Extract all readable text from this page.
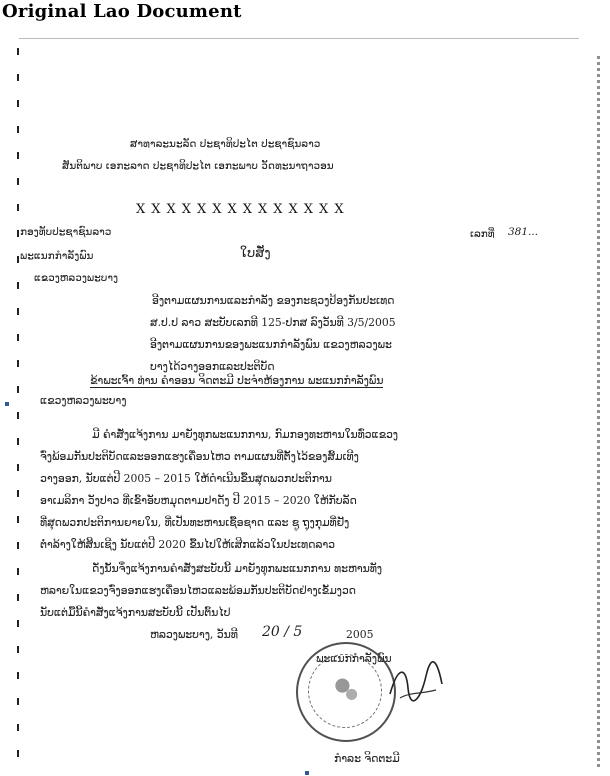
Original Lao Document
ສາທາລະນະລັດ ປະຊາທິປະໄຕ ປະຊາຊົນລາວ
ສັນຕິພາບ ເອກະລາດ ປະຊາທິປະໄຕ ເອກະພາບ ວັດທະນາຖາວອນ
XXXXXXXXXXXXXX
ກອງທັບປະຊາຊົນລາວ
ພະແນກກຳລັງພົນ
ແຂວງຫລວງພະບາງ
ເລກທີ່ 381...
ໃບສັ່ງ
ອີງຕາມແຜນການແລະກຳລັງ ຂອງກະຊວງປ້ອງກັນປະເທດ
ສ.ປ.ປ ລາວ ສະບັບເລກທີ 125-ປກສ ລົງວັນທີ 3/5/2005
ອີງຕາມແຜນການຂອງພະແນກກຳລັງພົນ ແຂວງຫລວງພະ
ບາງໄດ້ວາງອອກແລະປະຕິບັດ
ຂ້າພະເຈົ້າ ທ່ານ ຄໍາອອນ ຈິດຕະມີ ປະຈຳຫ້ອງການ ພະແນກກຳລັງພົນ
ແຂວງຫລວງພະບາງ
ມີ ຄຳສັ່ງແຈ້ງການ ມາຍັງທຸກພະແນກການ, ກົມກອງທະຫານໃນທົ່ວແຂວງ
ຈົ່ງພ້ອມກັນປະຕິບັດແລະອອກແຮງເຄື່ອນໄຫວ ຕາມແຜນທີ່ຕັ້ງໄວ້ຂອງສົ້ມເທີງ
ວາງອອກ, ນັບແຕ່ປີ 2005 – 2015 ໃຫ້ດຳເນີນຂື້ນສຸດພວກປະຕິການ
ອາເມລິກາ ວັງປາວ ທີ່ເຂົ້າອັບຫມຸດຕາມປາດັງ ປີ 2015 – 2020 ໃຫ້ກັບລັດ
ທີ່ສຸດພວກປະຕິການຍາຍໃນ, ທີ່ເປັນທະຫານເຊື້ອຊາດ ແລະ ຊູ ຖຸງກຸມທີ່ຢັງ
ຕໍ່າລ້າງໃຫ້ສິ້ນເຊີງ ນັບແຕ່ປີ 2020 ຂື້ນໄປໃຫ້ເສີກແລ້ວໃນປະເທດລາວ
ດັ່ງນັ້ນຈຶ່ງແຈ້ງການຄຳສັ່ງສະບັບນີ້ ມາຍັງທຸກພະແນກການ ທະຫານທັງ
ຫລາຍໃນແຂວງຈົ່ງອອກແຮງເຄື່ອນໄຫວແລະພ້ອມກັນປະຕິບັດຢ່າງເຂັ້ມງວດ
ນັບແຕ່ມື້ນີ້ຄຳສັ່ງແຈ້ງການສະບັບນີ້ ເປັນຕົ້ນໄປ
ຫລວງພະບາງ, ວັນທີ 20 / 5	2005
ພະແນກກຳລັງພົນ
ກໍາລະ ຈິດຕະມີ
